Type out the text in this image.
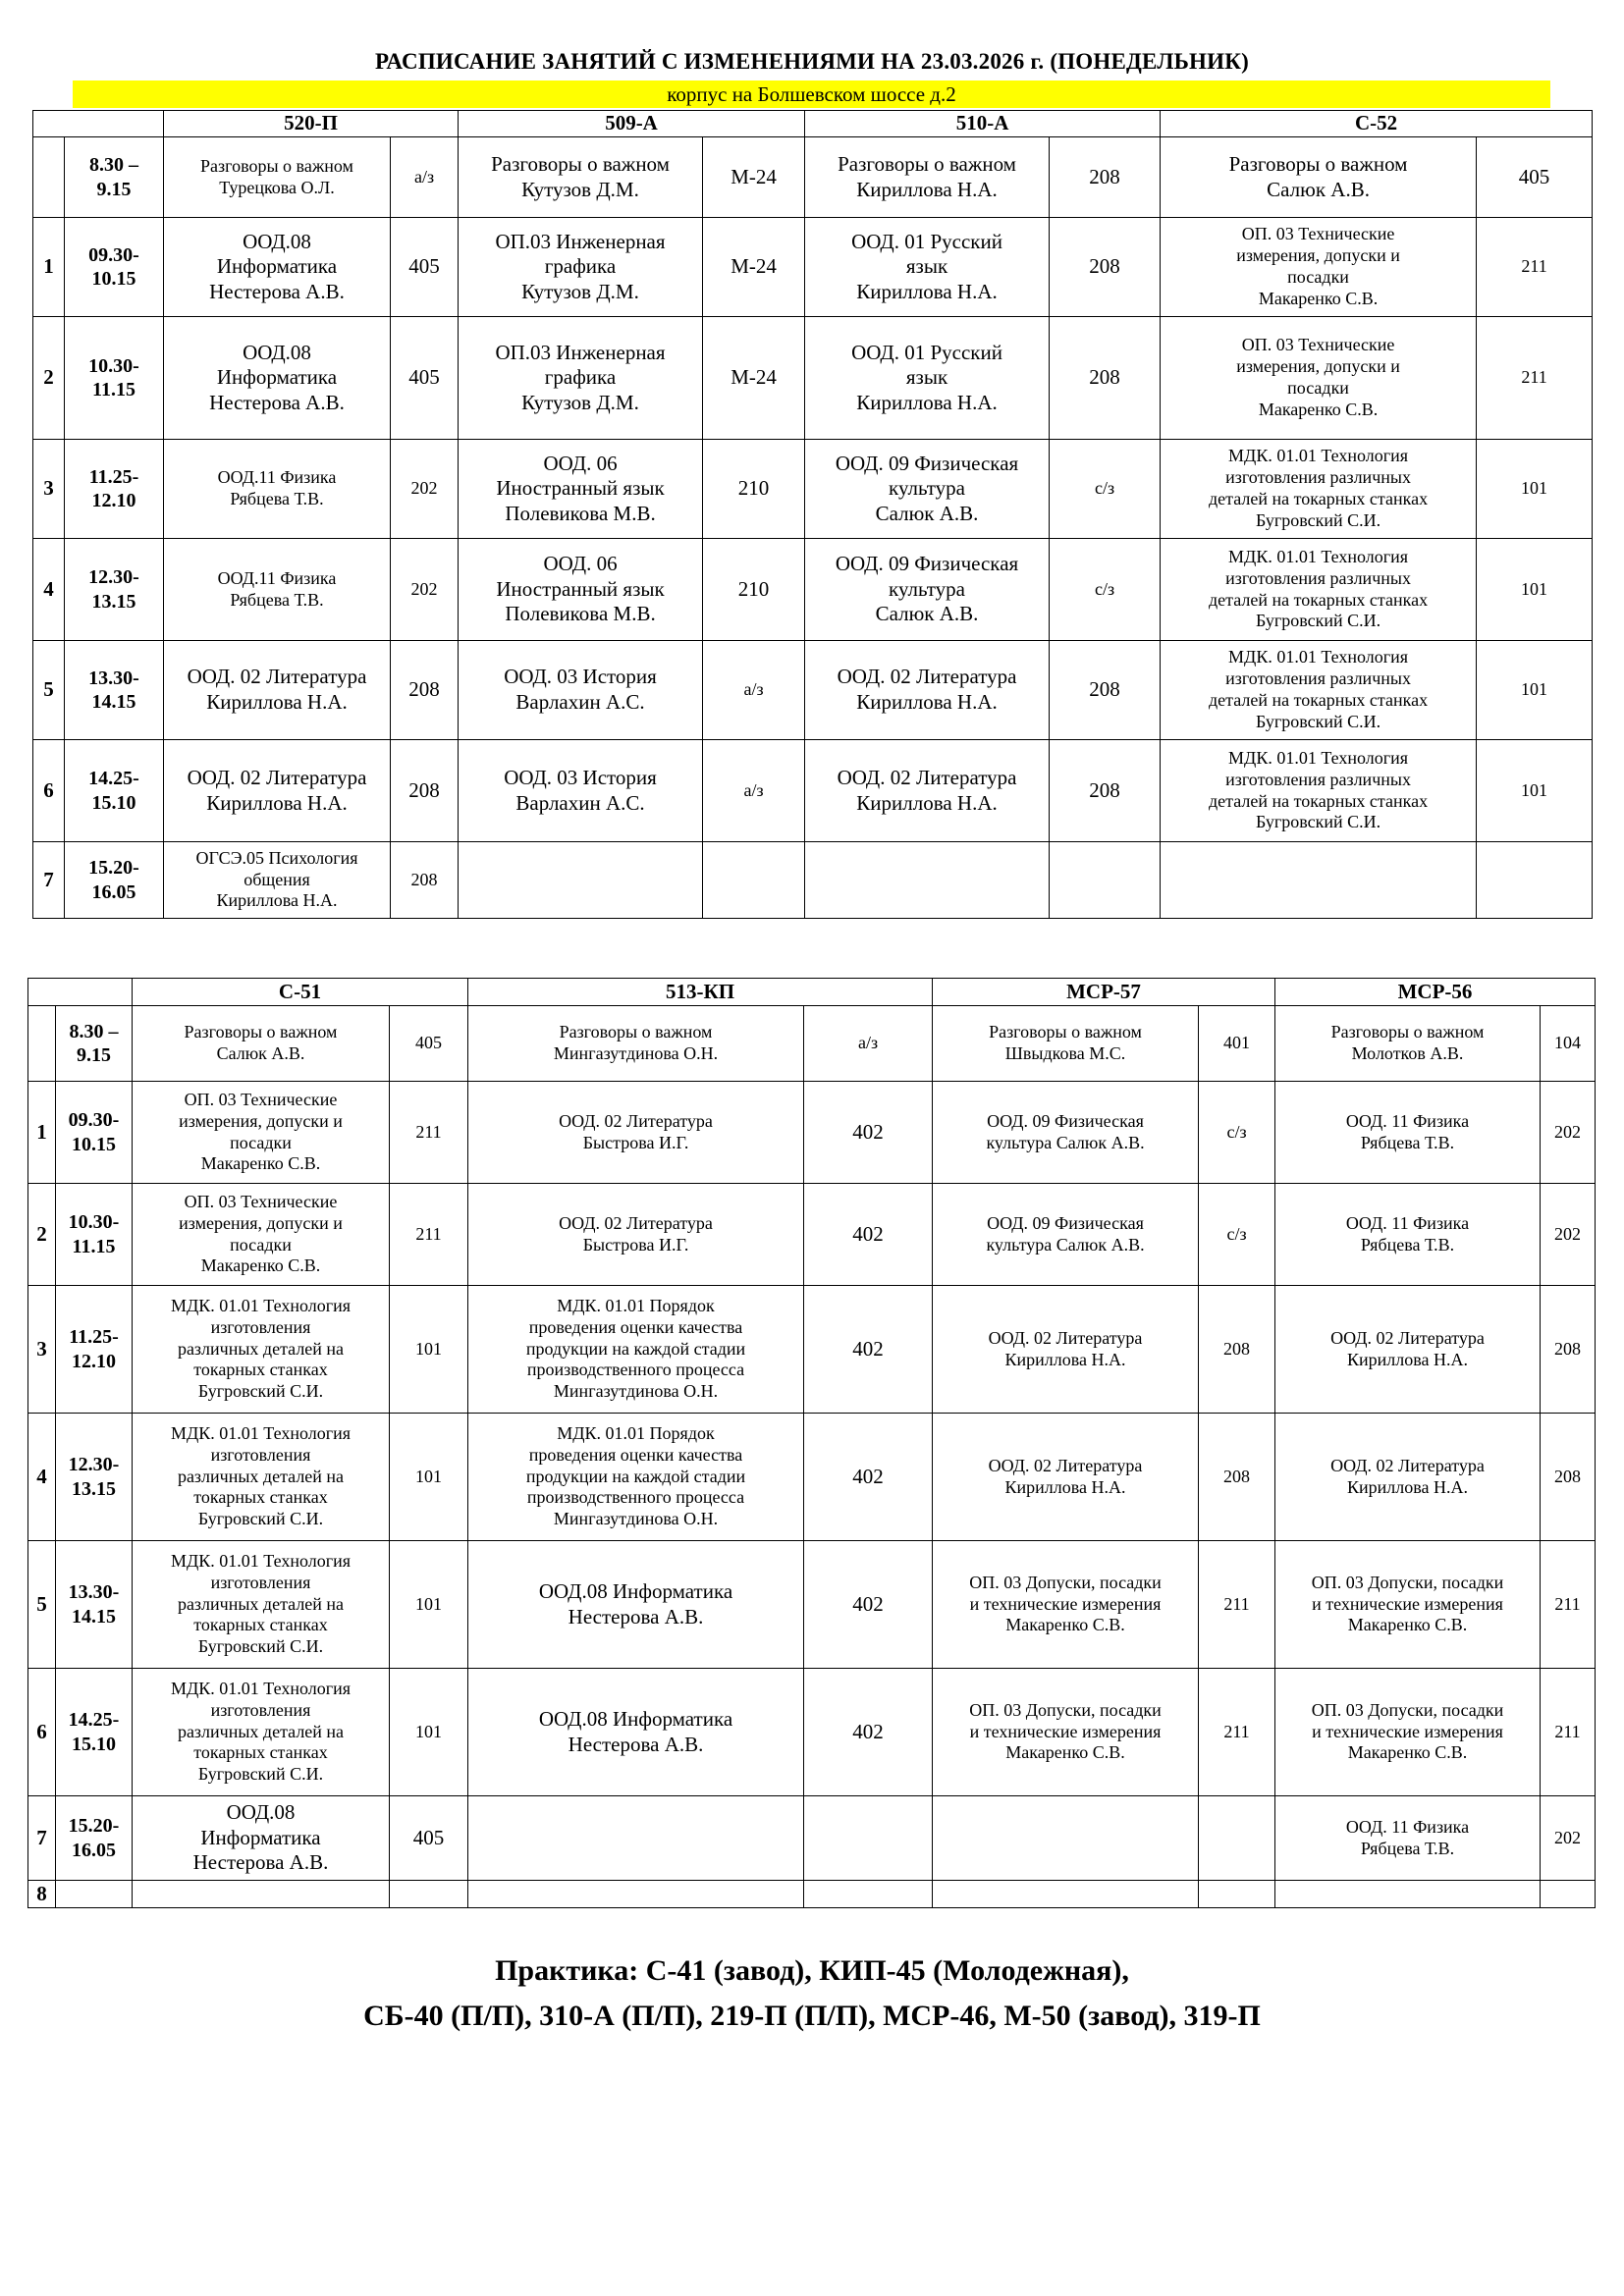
РАСПИСАНИЕ ЗАНЯТИЙ С ИЗМЕНЕНИЯМИ НА 23.03.2026 г. (ПОНЕДЕЛЬНИК)
корпус на Болшевском шоссе д.2
		520-П		509-А		510-А		С-52	
	8.30 –
9.15	Разговоры о важном
Турецкова О.Л.	а/з	Разговоры о важном
Кутузов Д.М.	М-24	Разговоры о важном
Кириллова Н.А.	208	Разговоры о важном
Салюк А.В.	405
1	09.30-
10.15	ООД.08
Информатика
Нестерова А.В.	405	ОП.03 Инженерная
графика
Кутузов Д.М.	М-24	ООД. 01 Русский
язык
Кириллова Н.А.	208	ОП. 03 Технические
измерения, допуски и
посадки
Макаренко С.В.	211
2	10.30-
11.15	ООД.08
Информатика
Нестерова А.В.	405	ОП.03 Инженерная
графика
Кутузов Д.М.	М-24	ООД. 01 Русский
язык
Кириллова Н.А.	208	ОП. 03 Технические
измерения, допуски и
посадки
Макаренко С.В.	211
3	11.25-
12.10	ООД.11 Физика
Рябцева Т.В.	202	ООД. 06
Иностранный язык
Полевикова М.В.	210	ООД. 09 Физическая
культура
Салюк А.В.	с/з	МДК. 01.01 Технология
изготовления различных
деталей на токарных станках
Бугровский С.И.	101
4	12.30-
13.15	ООД.11 Физика
Рябцева Т.В.	202	ООД. 06
Иностранный язык
Полевикова М.В.	210	ООД. 09 Физическая
культура
Салюк А.В.	с/з	МДК. 01.01 Технология
изготовления различных
деталей на токарных станках
Бугровский С.И.	101
5	13.30-
14.15	ООД. 02 Литература
Кириллова Н.А.	208	ООД. 03 История
Варлахин А.С.	а/з	ООД. 02 Литература
Кириллова Н.А.	208	МДК. 01.01 Технология
изготовления различных
деталей на токарных станках
Бугровский С.И.	101
6	14.25-
15.10	ООД. 02 Литература
Кириллова Н.А.	208	ООД. 03 История
Варлахин А.С.	а/з	ООД. 02 Литература
Кириллова Н.А.	208	МДК. 01.01 Технология
изготовления различных
деталей на токарных станках
Бугровский С.И.	101
7	15.20-
16.05	ОГСЭ.05 Психология
общения
Кириллова Н.А.	208						
		С-51		513-КП		МСР-57		МСР-56	
	8.30 –
9.15	Разговоры о важном
Салюк А.В.	405	Разговоры о важном
Мингазутдинова О.Н.	а/з	Разговоры о важном
Швыдкова М.С.	401	Разговоры о важном
Молотков А.В.	104
1	09.30-
10.15	ОП. 03 Технические
измерения, допуски и
посадки
Макаренко С.В.	211	ООД. 02 Литература
Быстрова И.Г.	402	ООД. 09 Физическая
культура Салюк А.В.	с/з	ООД. 11 Физика
Рябцева Т.В.	202
2	10.30-
11.15	ОП. 03 Технические
измерения, допуски и
посадки
Макаренко С.В.	211	ООД. 02 Литература
Быстрова И.Г.	402	ООД. 09 Физическая
культура Салюк А.В.	с/з	ООД. 11 Физика
Рябцева Т.В.	202
3	11.25-
12.10	МДК. 01.01 Технология
изготовления
различных деталей на
токарных станках
Бугровский С.И.	101	МДК. 01.01 Порядок
проведения оценки качества
продукции на каждой стадии
производственного процесса
Мингазутдинова О.Н.	402	ООД. 02 Литература
Кириллова Н.А.	208	ООД. 02 Литература
Кириллова Н.А.	208
4	12.30-
13.15	МДК. 01.01 Технология
изготовления
различных деталей на
токарных станках
Бугровский С.И.	101	МДК. 01.01 Порядок
проведения оценки качества
продукции на каждой стадии
производственного процесса
Мингазутдинова О.Н.	402	ООД. 02 Литература
Кириллова Н.А.	208	ООД. 02 Литература
Кириллова Н.А.	208
5	13.30-
14.15	МДК. 01.01 Технология
изготовления
различных деталей на
токарных станках
Бугровский С.И.	101	ООД.08 Информатика
Нестерова А.В.	402	ОП. 03 Допуски, посадки
и технические измерения
Макаренко С.В.	211	ОП. 03 Допуски, посадки
и технические измерения
Макаренко С.В.	211
6	14.25-
15.10	МДК. 01.01 Технология
изготовления
различных деталей на
токарных станках
Бугровский С.И.	101	ООД.08 Информатика
Нестерова А.В.	402	ОП. 03 Допуски, посадки
и технические измерения
Макаренко С.В.	211	ОП. 03 Допуски, посадки
и технические измерения
Макаренко С.В.	211
7	15.20-
16.05	ООД.08
Информатика
Нестерова А.В.	405					ООД. 11 Физика
Рябцева Т.В.	202
8									
Практика: С-41 (завод), КИП-45 (Молодежная),
СБ-40 (П/П), 310-А (П/П), 219-П (П/П), МСР-46, М-50 (завод), 319-П
